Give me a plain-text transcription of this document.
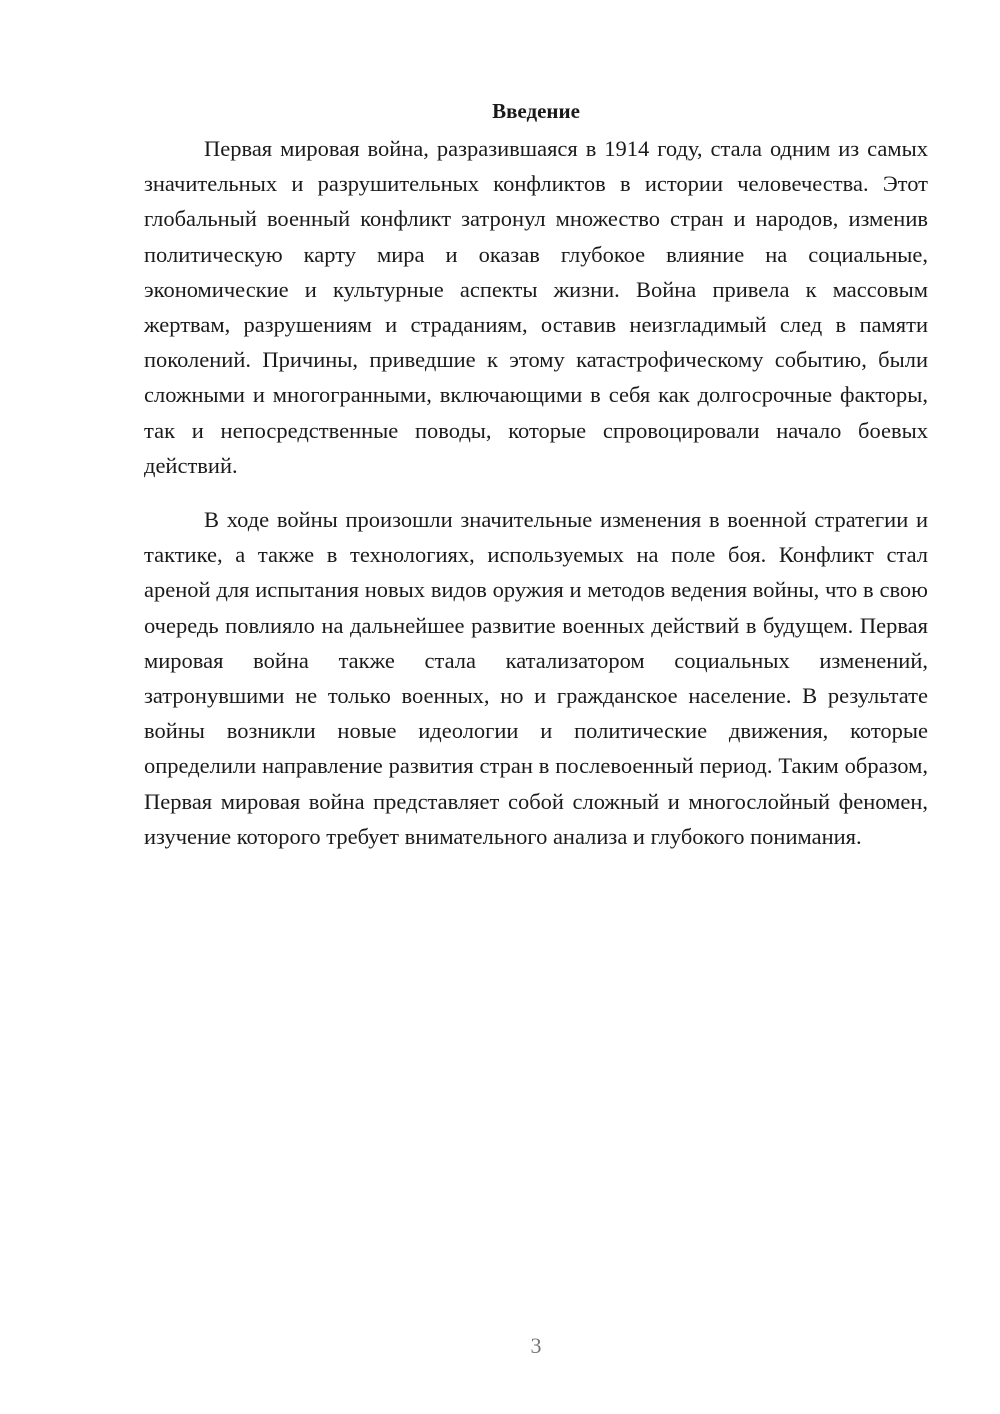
Введение

Первая мировая война, разразившаяся в 1914 году, стала одним из самых значительных и разрушительных конфликтов в истории человечества. Этот глобальный военный конфликт затронул множество стран и народов, изменив политическую карту мира и оказав глубокое влияние на социальные, экономические и культурные аспекты жизни. Война привела к массовым жертвам, разрушениям и страданиям, оставив неизгладимый след в памяти поколений. Причины, приведшие к этому катастрофическому событию, были сложными и многогранными, включающими в себя как долгосрочные факторы, так и непосредственные поводы, которые спровоцировали начало боевых действий.

В ходе войны произошли значительные изменения в военной стратегии и тактике, а также в технологиях, используемых на поле боя. Конфликт стал ареной для испытания новых видов оружия и методов ведения войны, что в свою очередь повлияло на дальнейшее развитие военных действий в будущем. Первая мировая война также стала катализатором социальных изменений, затронувшими не только военных, но и гражданское население. В результате войны возникли новые идеологии и политические движения, которые определили направление развития стран в послевоенный период. Таким образом, Первая мировая война представляет собой сложный и многослойный феномен, изучение которого требует внимательного анализа и глубокого понимания.

3
